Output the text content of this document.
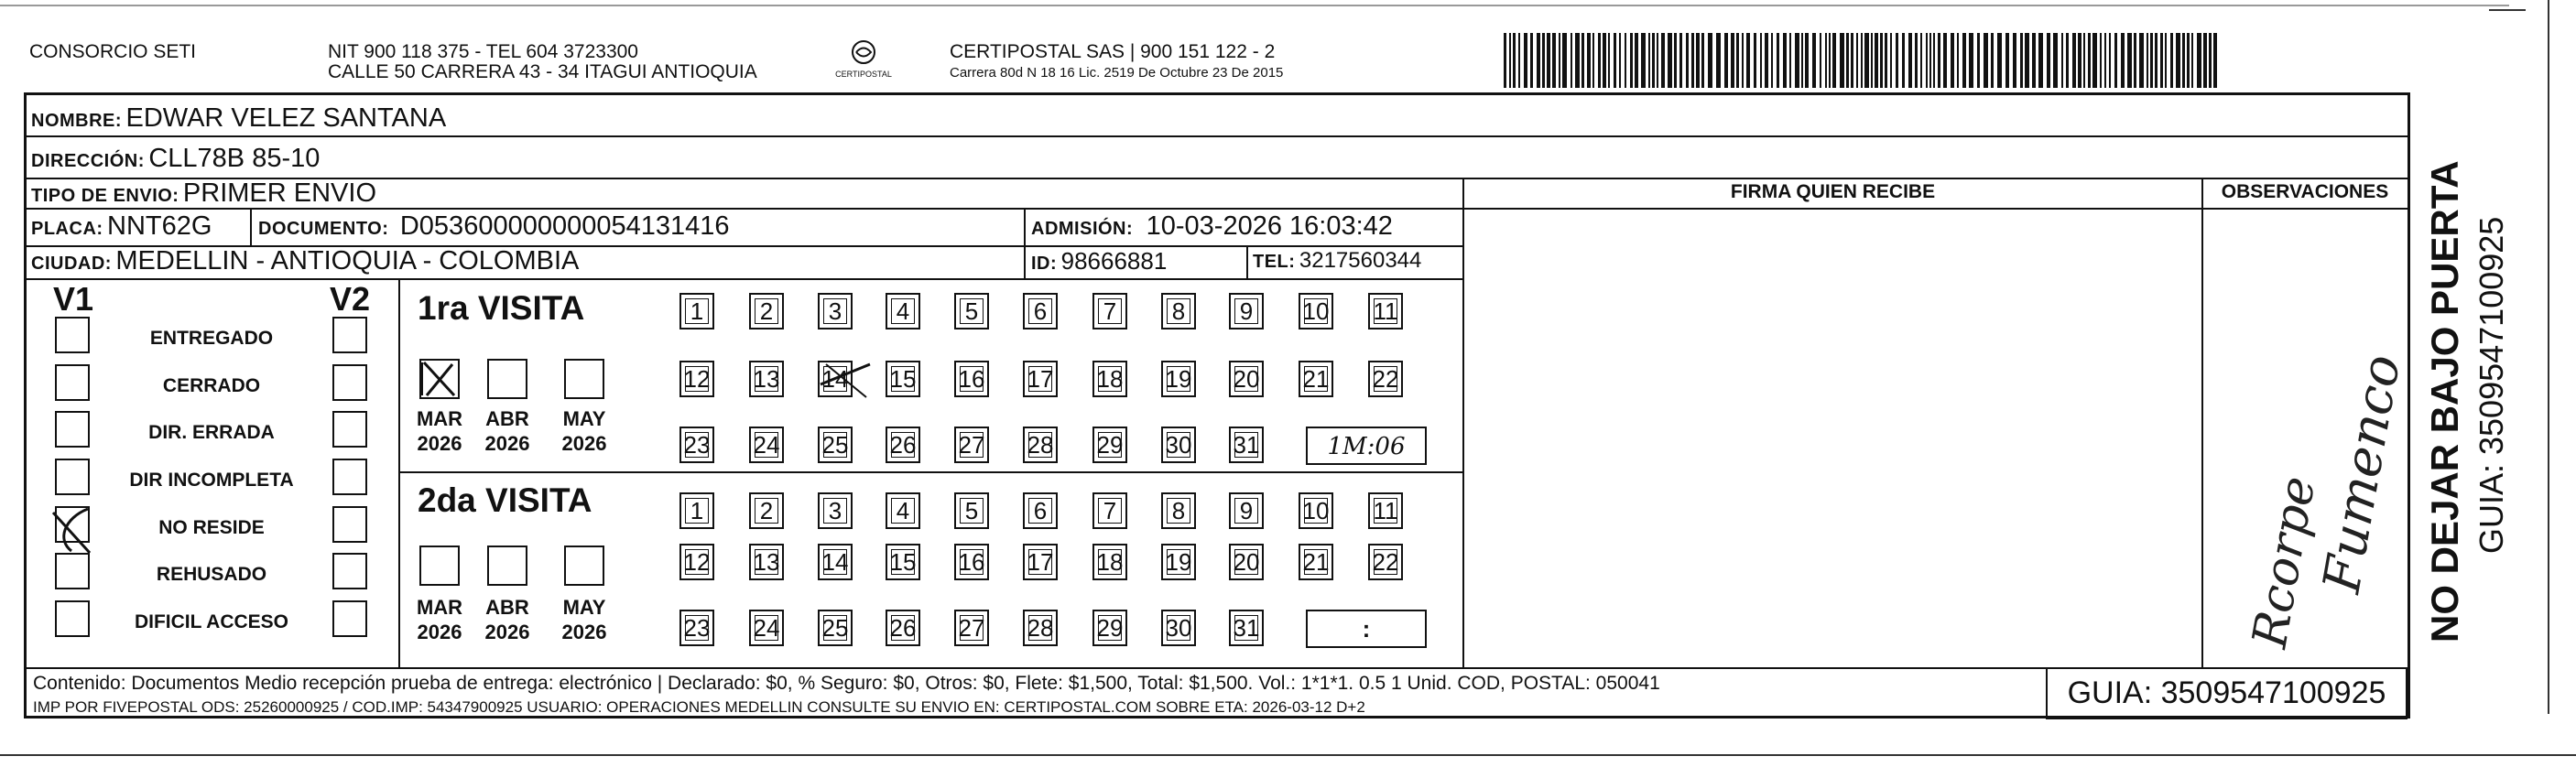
CONSORCIO SETI	NIT 900 118 375 - TEL 604 3723300
CALLE 50 CARRERA 43 - 34 ITAGUI ANTIOQUIA	CERTIPOSTAL
CERTIPOSTAL SAS | 900 151 122 - 2
Carrera 80d N 18 16 Lic. 2519 De Octubre 23 De 2015
NOMBRE: EDWAR VELEZ SANTANA
DIRECCIÓN: CLL78B 85-10
TIPO DE ENVIO: PRIMER ENVIO
PLACA: NNT62G	DOCUMENTO: D053600000000054131416	ADMISIÓN: 10-03-2026 16:03:42
CIUDAD: MEDELLIN - ANTIOQUIA - COLOMBIA	ID: 98666881	TEL: 3217560344
FIRMA QUIEN RECIBE	OBSERVACIONES
V1	V2
ENTREGADO
CERRADO
DIR. ERRADA
DIR INCOMPLETA
NO RESIDE
REHUSADO
DIFICIL ACCESO
1ra VISITA
2da VISITA
1	2	3	4	5	6	7	8	9	10 11
12 13 14 15 16 17 18 19 20 21 22
23 24 25 26 27 28 29 30 31
MAR
2026
ABR
2026
MAY
2026
1	2	3	4	5	6	7	8	9	10 11
12 13 14 15 16 17 18 19 20 21 22
23 24 25 26 27 28 29 30 31
MAR
2026
ABR
2026
MAY
2026
1M:06
:
Contenido: Documentos Medio recepción prueba de entrega: electrónico | Declarado: $0, % Seguro: $0, Otros: $0, Flete: $1,500, Total: $1,500. Vol.: 1*1*1. 0.5 1 Unid. COD, POSTAL: 050041
IMP POR FIVEPOSTAL ODS: 25260000925 / COD.IMP: 54347900925 USUARIO: OPERACIONES MEDELLIN CONSULTE SU ENVIO EN: CERTIPOSTAL.COM SOBRE ETA: 2026-03-12 D+2	GUIA: 3509547100925
NO DEJAR BAJO PUERTA GUIA: 3509547100925
Rcorpe
Fumenco
